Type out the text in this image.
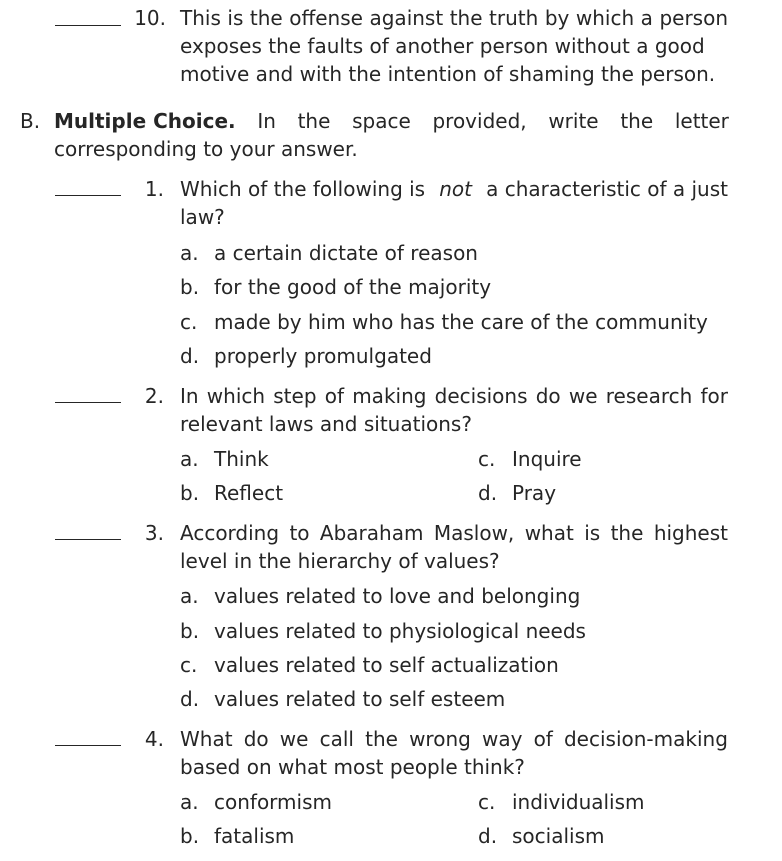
10. This is the offense against the truth by which a person
exposes the faults of another person without a good
motive and with the intention of shaming the person.
B. Multiple Choice. In the space provided, write the letter
corresponding to your answer.
1. Which of the following is not a characteristic of a just
law?
a. a certain dictate of reason
b. for the good of the majority
c. made by him who has the care of the community
d. properly promulgated
2. In which step of making decisions do we research for
relevant laws and situations?
a. Think	c. Inquire
b. Reflect	d. Pray
3. According to Abaraham Maslow, what is the highest
level in the hierarchy of values?
a. values related to love and belonging
b. values related to physiological needs
c. values related to self actualization
d. values related to self esteem
4. What do we call the wrong way of decision-making
based on what most people think?
a. conformism	c. individualism
b. fatalism	d. socialism
